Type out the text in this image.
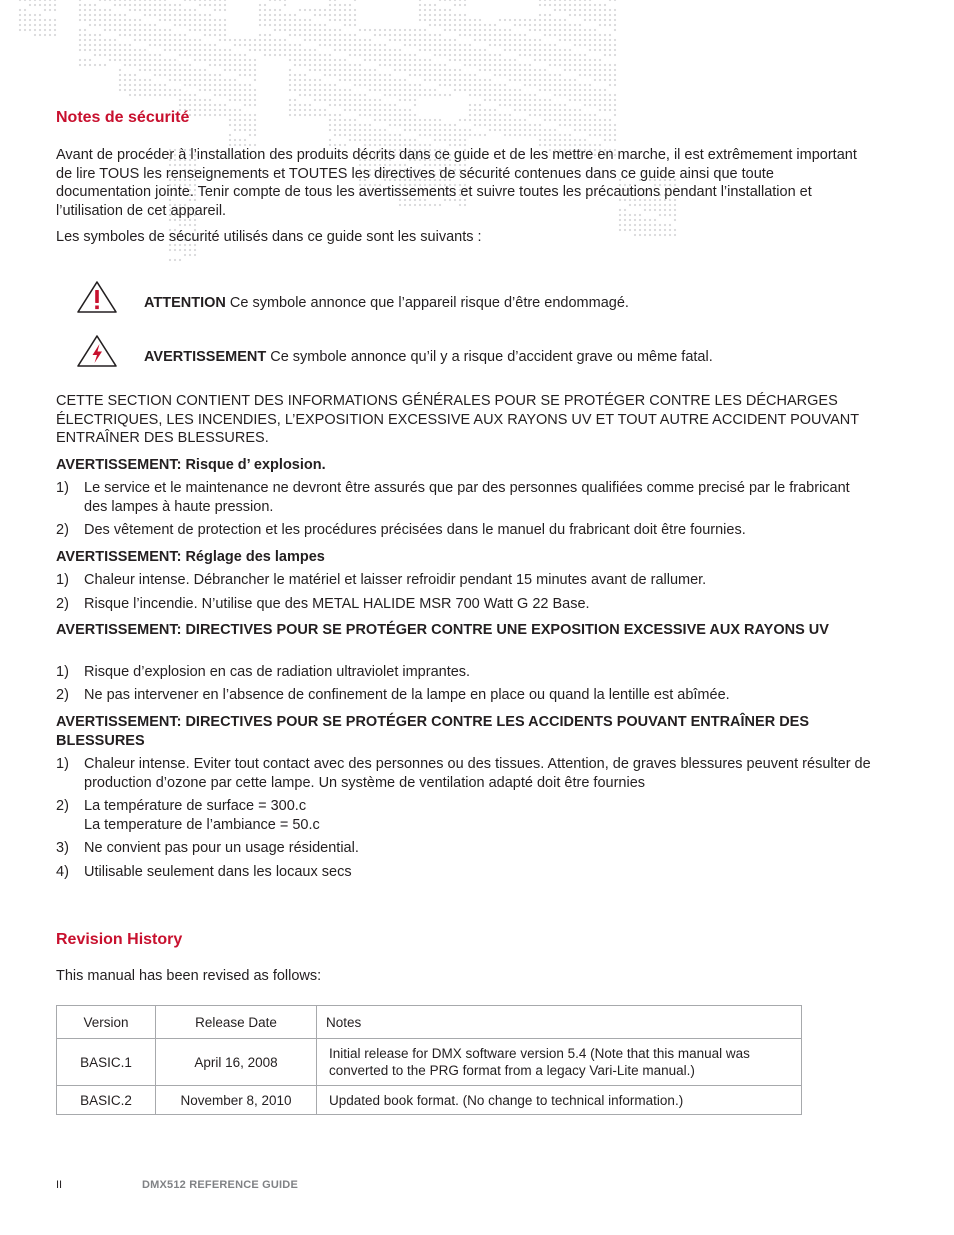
Notes de sécurité

Avant de procéder à l’installation des produits décrits dans ce guide et de les mettre en marche, il est extrêmement important de lire TOUS les renseignements et TOUTES les directives de sécurité contenues dans ce guide ainsi que toute documentation jointe. Tenir compte de tous les avertissements et suivre toutes les précautions pendant l’installation et l’utilisation de cet appareil.

Les symboles de sécurité utilisés dans ce guide sont les suivants :

ATTENTION Ce symbole annonce que l’appareil risque d’être endommagé.
AVERTISSEMENT Ce symbole annonce qu’il y a risque d’accident grave ou même fatal.

CETTE SECTION CONTIENT DES INFORMATIONS GÉNÉRALES POUR SE PROTÉGER CONTRE LES DÉCHARGES ÉLECTRIQUES, LES INCENDIES, L’EXPOSITION EXCESSIVE AUX RAYONS UV ET TOUT AUTRE ACCIDENT POUVANT ENTRAÎNER DES BLESSURES.

AVERTISSEMENT: Risque d’ explosion.
1) Le service et le maintenance ne devront être assurés que par des personnes qualifiées comme precisé par le frabricant des lampes à haute pression.
2) Des vêtement de protection et les procédures précisées dans le manuel du frabricant doit être fournies.
AVERTISSEMENT: Réglage des lampes
1) Chaleur intense. Débrancher le matériel et laisser refroidir pendant 15 minutes avant de rallumer.
2) Risque l’incendie. N’utilise que des METAL HALIDE MSR 700 Watt G 22 Base.
AVERTISSEMENT: DIRECTIVES POUR SE PROTÉGER CONTRE UNE EXPOSITION EXCESSIVE AUX RAYONS UV
1) Risque d’explosion en cas de radiation ultraviolet imprantes.
2) Ne pas intervener en l’absence de confinement de la lampe en place ou quand la lentille est abîmée.
AVERTISSEMENT: DIRECTIVES POUR SE PROTÉGER CONTRE LES ACCIDENTS POUVANT ENTRAÎNER DES BLESSURES
1) Chaleur intense. Eviter tout contact avec des personnes ou des tissues. Attention, de graves blessures peuvent résulter de production d’ozone par cette lampe. Un système de ventilation adapté doit être fournies
2) La température de surface = 300.c
La temperature de l’ambiance = 50.c
3) Ne convient pas pour un usage résidential.
4) Utilisable seulement dans les locaux secs
Revision History

This manual has been revised as follows:

Version	Release Date	Notes
BASIC.1	April 16, 2008	Initial release for DMX software version 5.4 (Note that this manual was converted to the PRG format from a legacy Vari-Lite manual.)
BASIC.2	November 8, 2010	Updated book format. (No change to technical information.)
II	DMX512 REFERENCE GUIDE
